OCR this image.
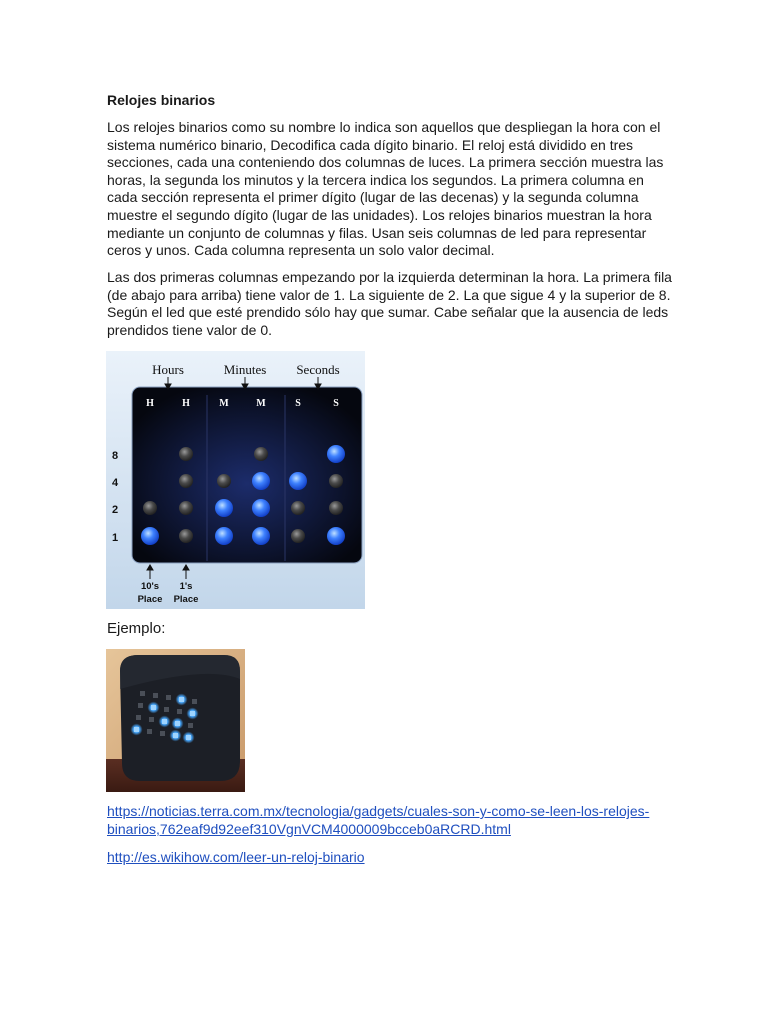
Relojes binarios

Los relojes binarios como su nombre lo indica son aquellos que despliegan la hora con el sistema numérico binario, Decodifica cada dígito binario. El reloj está dividido en tres secciones, cada una conteniendo dos columnas de luces. La primera sección muestra las horas, la segunda los minutos y la tercera indica los segundos. La primera columna en cada sección representa el primer dígito (lugar de las decenas) y la segunda columna muestre el segundo dígito (lugar de las unidades). Los relojes binarios muestran la hora mediante un conjunto de columnas y filas. Usan seis columnas de led para representar ceros y unos. Cada columna representa un solo valor decimal.

Las dos primeras columnas empezando por la izquierda determinan la hora. La primera fila (de abajo para arriba) tiene valor de 1. La siguiente de 2. La que sigue 4 y la superior de 8. Según el led que esté prendido sólo hay que sumar. Cabe señalar que la ausencia de leds prendidos tiene valor de 0.

Hours	Minutes Seconds
H	H	M	M	S	S
8
4
2
1
10's
Place
1's
Place
Ejemplo:
https://noticias.terra.com.mx/tecnologia/gadgets/cuales-son-y-como-se-leen-los-relojes-
binarios,762eaf9d92eef310VgnVCM4000009bcceb0aRCRD.html
http://es.wikihow.com/leer-un-reloj-binario
